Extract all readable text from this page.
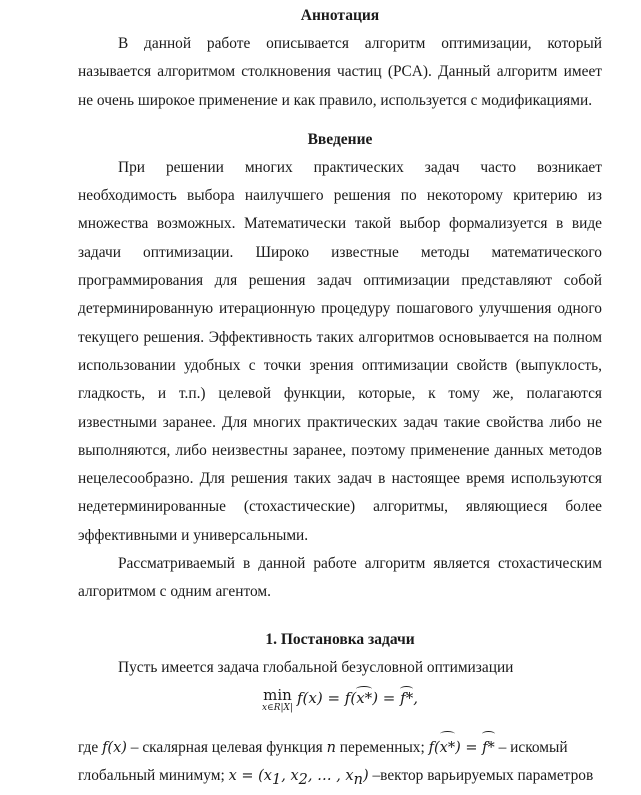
Аннотация

В данной работе описывается алгоритм оптимизации, который называется алгоритмом столкновения частиц (PCA). Данный алгоритм имеет не очень широкое применение и как правило, используется с модификациями.

Введение

При решении многих практических задач часто возникает необходимость выбора наилучшего решения по некоторому критерию из множества возможных. Математически такой выбор формализуется в виде задачи оптимизации. Широко известные методы математического программирования для решения задач оптимизации представляют собой детерминированную итерационную процедуру пошагового улучшения одного текущего решения. Эффективность таких алгоритмов основывается на полном использовании удобных с точки зрения оптимизации свойств (выпуклость, гладкость, и т.п.) целевой функции, которые, к тому же, полагаются известными заранее. Для многих практических задач такие свойства либо не выполняются, либо неизвестны заранее, поэтому применение данных методов нецелесообразно. Для решения таких задач в настоящее время используются недетерминированные (стохастические) алгоритмы, являющиеся более эффективными и универсальными.

Рассматриваемый в данной работе алгоритм является стохастическим алгоритмом с одним агентом.

1. Постановка задачи

Пусть имеется задача глобальной безусловной оптимизации

min
x∈R|X|
f(x) = f(x*) = f*,

где f(x) – скалярная целевая функция n переменных; f(x*) = f* – искомый

глобальный минимум; $x = (x_1$, $x_2$, … , $x_n$) –вектор варьируемых параметров
